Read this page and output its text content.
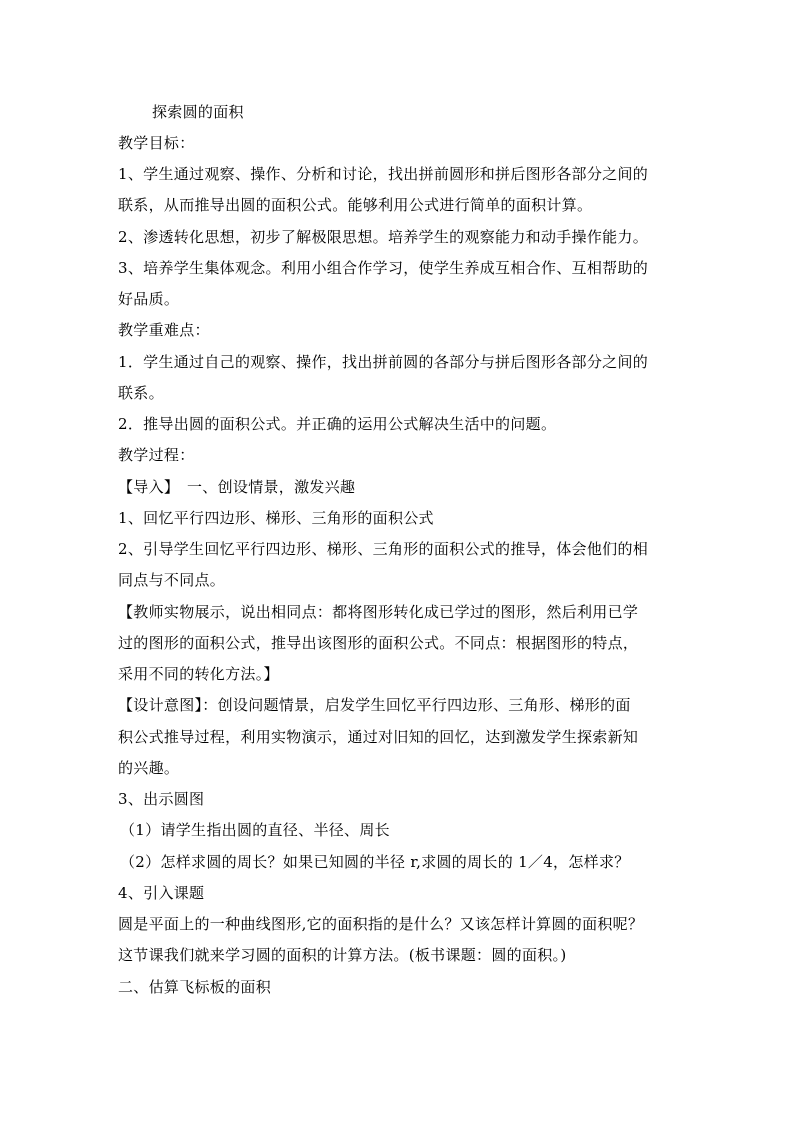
探索圆的面积
教学目标：
1、学生通过观察、操作、分析和讨论，找出拼前圆形和拼后图形各部分之间的
联系，从而推导出圆的面积公式。能够利用公式进行简单的面积计算。
2、渗透转化思想，初步了解极限思想。培养学生的观察能力和动手操作能力。
3、培养学生集体观念。利用小组合作学习，使学生养成互相合作、互相帮助的
好品质。
教学重难点：
1．学生通过自己的观察、操作，找出拼前圆的各部分与拼后图形各部分之间的
联系。
2．推导出圆的面积公式。并正确的运用公式解决生活中的问题。
教学过程：
【导入】　一、创设情景，激发兴趣
1、回忆平行四边形、梯形、三角形的面积公式
2、引导学生回忆平行四边形、梯形、三角形的面积公式的推导，体会他们的相
同点与不同点。
【教师实物展示，说出相同点：都将图形转化成已学过的图形，然后利用已学
过的图形的面积公式，推导出该图形的面积公式。不同点：根据图形的特点，
采用不同的转化方法。】
【设计意图】：创设问题情景，启发学生回忆平行四边形、三角形、梯形的面
积公式推导过程，利用实物演示，通过对旧知的回忆，达到激发学生探索新知
的兴趣。
3、出示圆图
（1）请学生指出圆的直径、半径、周长
（2）怎样求圆的周长？如果已知圆的半径 r,求圆的周长的 1／4，怎样求？
4、引入课题
圆是平面上的一种曲线图形,它的面积指的是什么？又该怎样计算圆的面积呢？
这节课我们就来学习圆的面积的计算方法。(板书课题：圆的面积。)
二、估算飞标板的面积
